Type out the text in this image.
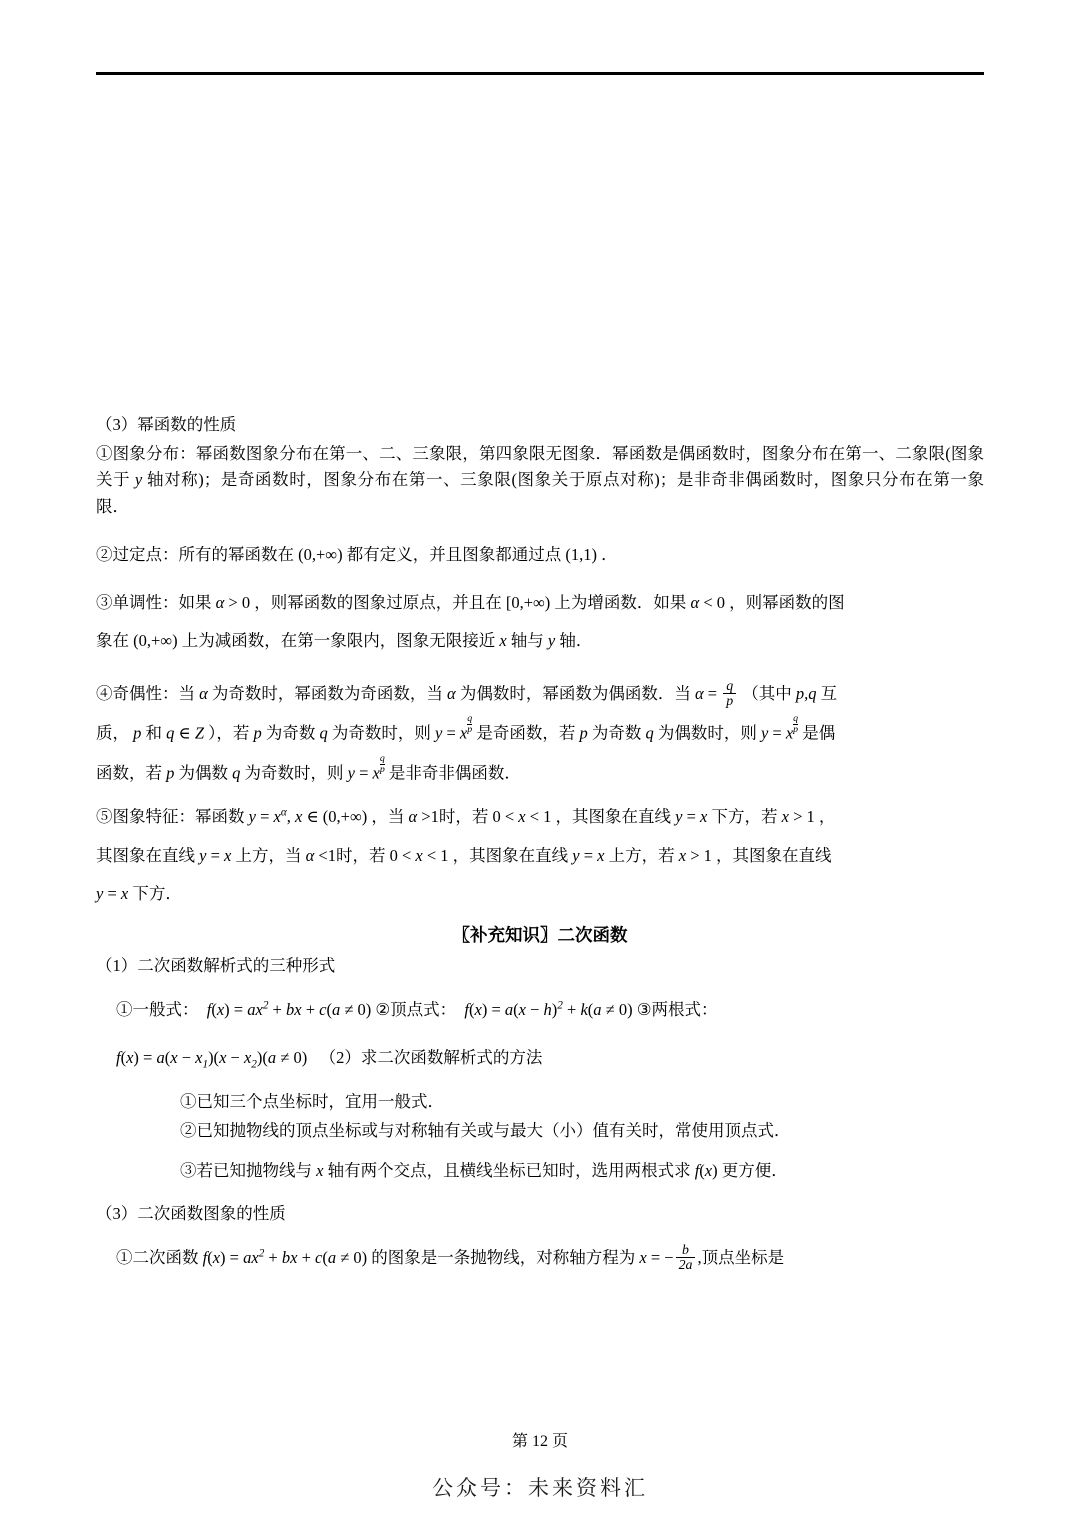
（3）幂函数的性质

①图象分布：幂函数图象分布在第一、二、三象限，第四象限无图象．幂函数是偶函数时，图象分布在第一、二象限(图象关于 y 轴对称)；是奇函数时，图象分布在第一、三象限(图象关于原点对称)；是非奇非偶函数时，图象只分布在第一象限．

②过定点：所有的幂函数在 (0,+∞) 都有定义，并且图象都通过点 (1,1) ．

③单调性：如果 α > 0 ，则幂函数的图象过原点，并且在 [0,+∞) 上为增函数．如果 α < 0 ，则幂函数的图

象在 (0,+∞) 上为减函数，在第一象限内，图象无限接近 x 轴与 y 轴．

④奇偶性：当 α 为奇数时，幂函数为奇函数，当 α 为偶数时，幂函数为偶函数．当 $\alpha = \frac{q}{p}$ （其中 p,q 互

质， p 和 q ∈ Z ），若 p 为奇数 q 为奇数时，则 y = x $\frac{q}{p}$ 是奇函数，若 p 为奇数 q 为偶数时，则 y = x $\frac{q}{p}$ 是偶

函数，若 p 为偶数 q 为奇数时，则 y = x $\frac{q}{p}$ 是非奇非偶函数．

⑤图象特征：幂函数 $y = x^\alpha$, x ∈ (0,+∞) ，当 α >1时，若 0 < x < 1 ，其图象在直线 y = x 下方，若 x > 1 ，

其图象在直线 y = x 上方，当 α <1时，若 0 < x < 1 ，其图象在直线 y = x 上方，若 x > 1 ，其图象在直线

y = x 下方．

〖补充知识〗二次函数

（1）二次函数解析式的三种形式

①一般式：  $f(x) = ax^2$ + bx + c(a ≠ 0) ②顶点式：  $f(x) = a(x - h)^2 + k(a \ne 0)$ ③两根式：

$f(x) = a(x - x_1)(x - x_2)(a \ne 0)$   （2）求二次函数解析式的方法

①已知三个点坐标时，宜用一般式．

②已知抛物线的顶点坐标或与对称轴有关或与最大（小）值有关时，常使用顶点式．

③若已知抛物线与 x 轴有两个交点，且横线坐标已知时，选用两根式求 f(x) 更方便．

（3）二次函数图象的性质

①二次函数 $f(x) = ax^2$ + bx + c(a ≠ 0) 的图象是一条抛物线，对称轴方程为 x = − $\frac{b}{2a}$ ,顶点坐标是

第 12 页
公众号：未来资料汇
